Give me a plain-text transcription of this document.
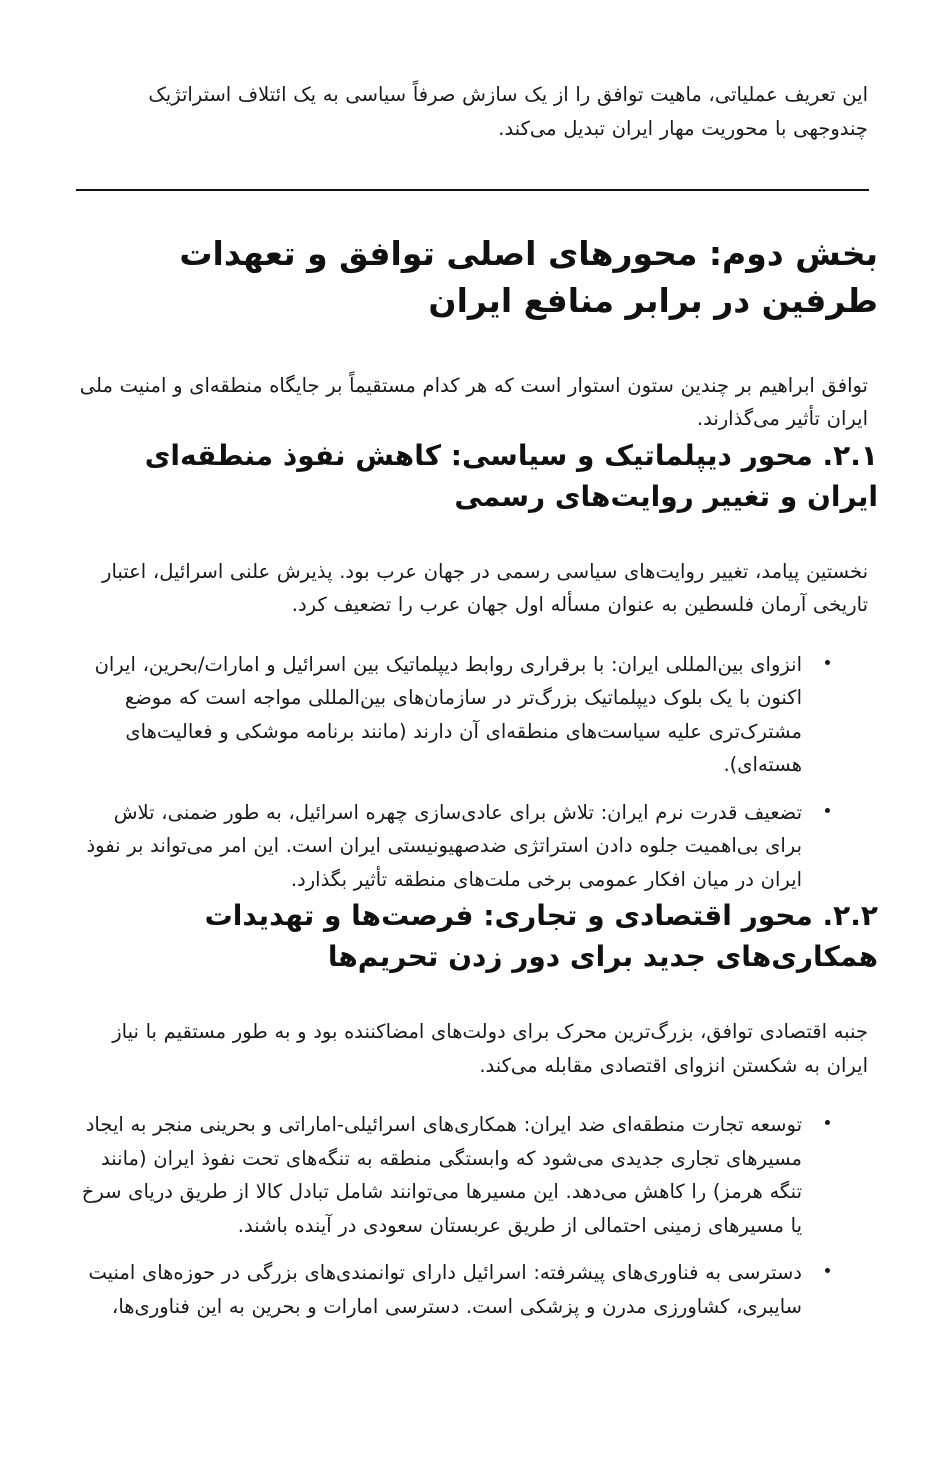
این تعریف عملیاتی، ماهیت توافق را از یک سازش صرفاً سیاسی به یک ائتلاف استراتژیک چندوجهی با محوریت مهار ایران تبدیل می‌کند.

بخش دوم: محورهای اصلی توافق و تعهدات طرفین در برابر منافع ایران

توافق ابراهیم بر چندین ستون استوار است که هر کدام مستقیماً بر جایگاه منطقه‌ای و امنیت ملی ایران تأثیر می‌گذارند.

۲.۱. محور دیپلماتیک و سیاسی: کاهش نفوذ منطقه‌ای ایران و تغییر روایت‌های رسمی

نخستین پیامد، تغییر روایت‌های سیاسی رسمی در جهان عرب بود. پذیرش علنی اسرائیل، اعتبار تاریخی آرمان فلسطین به عنوان مسأله اول جهان عرب را تضعیف کرد.

انزوای بین‌المللی ایران: با برقراری روابط دیپلماتیک بین اسرائیل و امارات/بحرین، ایران اکنون با یک بلوک دیپلماتیک بزرگ‌تر در سازمان‌های بین‌المللی مواجه است که موضع مشترک‌تری علیه سیاست‌های منطقه‌ای آن دارند (مانند برنامه موشکی و فعالیت‌های هسته‌ای).
تضعیف قدرت نرم ایران: تلاش برای عادی‌سازی چهره اسرائیل، به طور ضمنی، تلاش برای بی‌اهمیت جلوه دادن استراتژی ضدصهیونیستی ایران است. این امر می‌تواند بر نفوذ ایران در میان افکار عمومی برخی ملت‌های منطقه تأثیر بگذارد.
۲.۲. محور اقتصادی و تجاری: فرصت‌ها و تهدیدات همکاری‌های جدید برای دور زدن تحریم‌ها

جنبه اقتصادی توافق، بزرگ‌ترین محرک برای دولت‌های امضاکننده بود و به طور مستقیم با نیاز ایران به شکستن انزوای اقتصادی مقابله می‌کند.

توسعه تجارت منطقه‌ای ضد ایران: همکاری‌های اسرائیلی-اماراتی و بحرینی منجر به ایجاد مسیرهای تجاری جدیدی می‌شود که وابستگی منطقه به تنگه‌های تحت نفوذ ایران (مانند تنگه هرمز) را کاهش می‌دهد. این مسیرها می‌توانند شامل تبادل کالا از طریق دریای سرخ یا مسیرهای زمینی احتمالی از طریق عربستان سعودی در آینده باشند.
دسترسی به فناوری‌های پیشرفته: اسرائیل دارای توانمندی‌های بزرگی در حوزه‌های امنیت سایبری، کشاورزی مدرن و پزشکی است. دسترسی امارات و بحرین به این فناوری‌ها،
